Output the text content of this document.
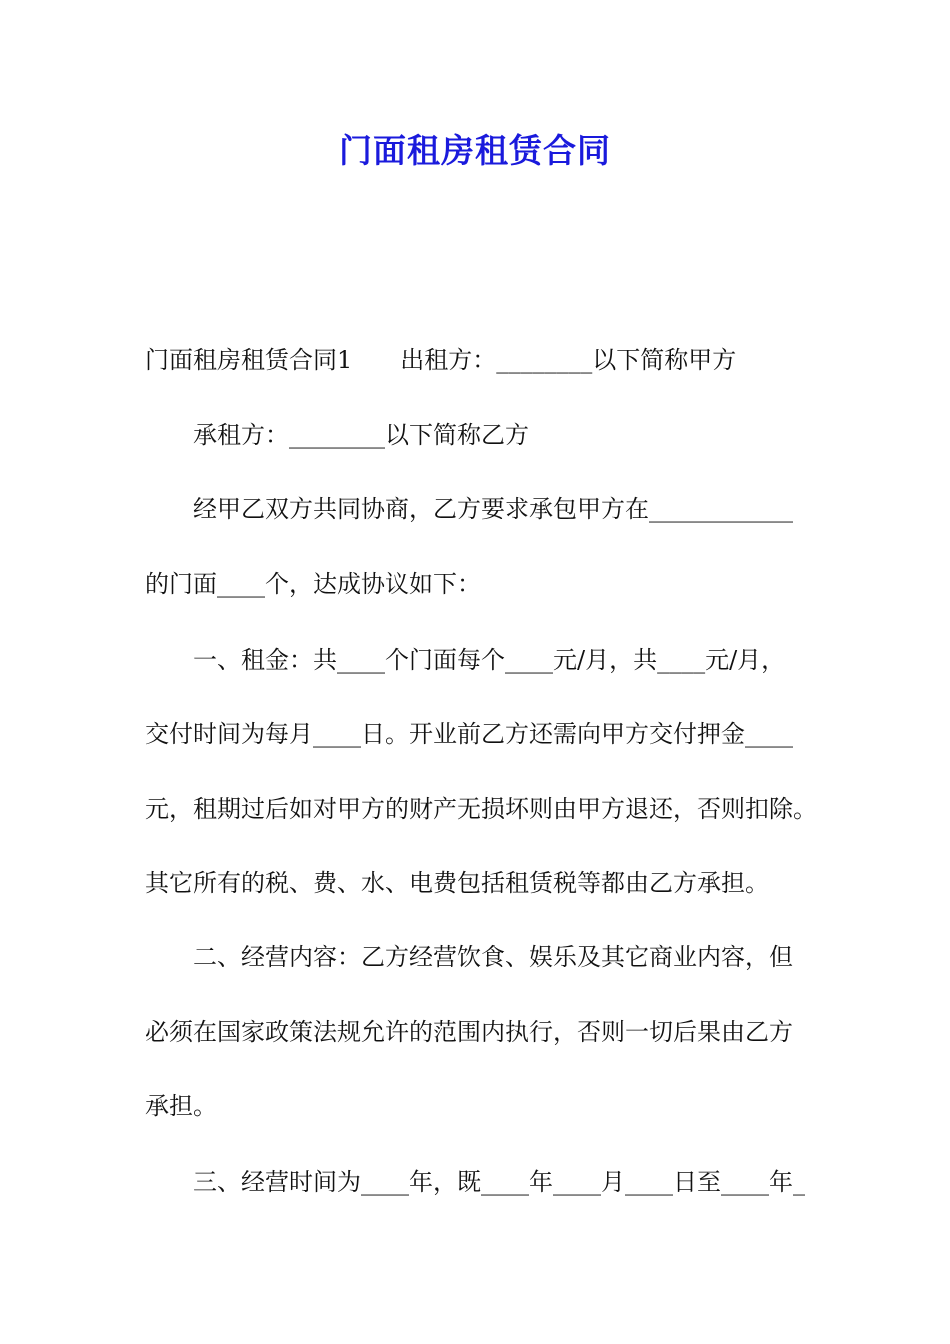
门面租房租赁合同
门面租房租赁合同1　　出租方：________以下简称甲方
承租方：________以下简称乙方
经甲乙双方共同协商，乙方要求承包甲方在____________
的门面____个，达成协议如下：
一、租金：共____个门面每个____元/月，共____元/月，
交付时间为每月____日。开业前乙方还需向甲方交付押金____
元，租期过后如对甲方的财产无损坏则由甲方退还，否则扣除。
其它所有的税、费、水、电费包括租赁税等都由乙方承担。
二、经营内容：乙方经营饮食、娱乐及其它商业内容，但
必须在国家政策法规允许的范围内执行，否则一切后果由乙方
承担。
三、经营时间为____年，既____年____月____日至____年_
